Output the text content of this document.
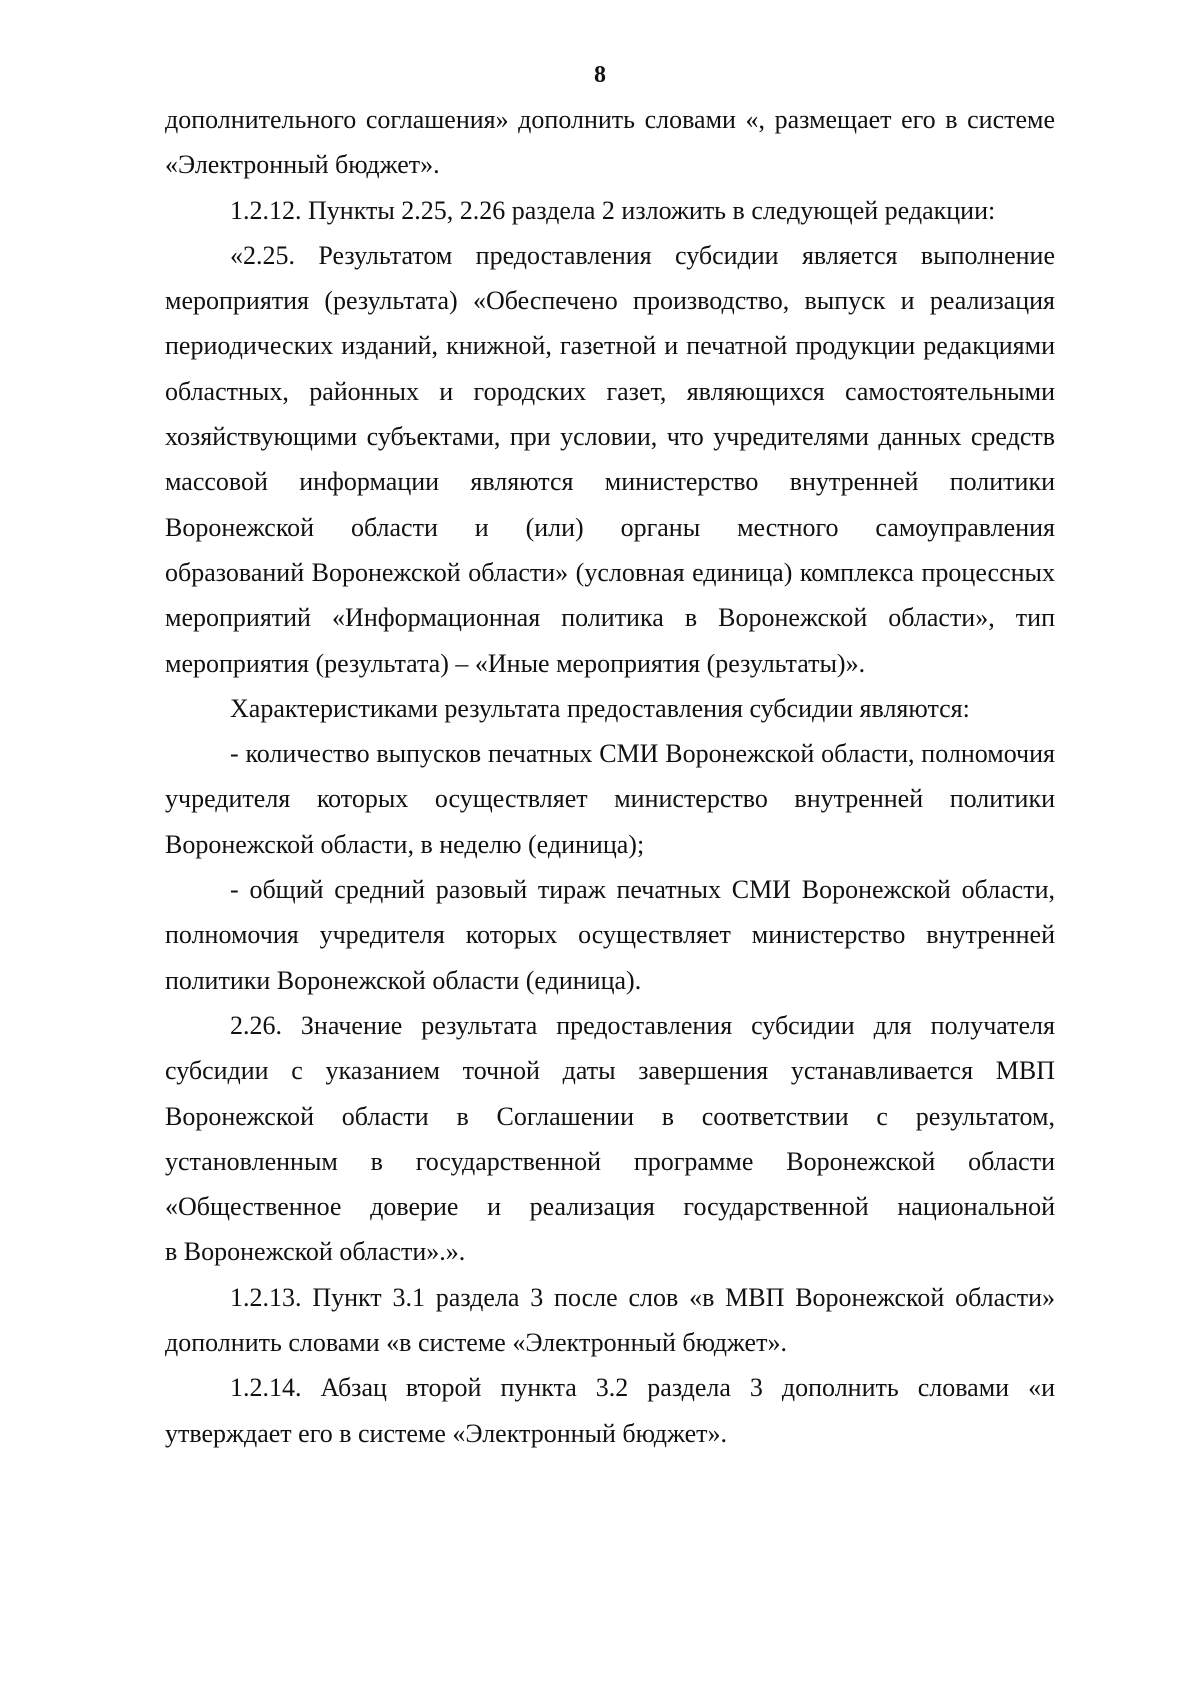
8
дополнительного соглашения» дополнить словами «, размещает его в системе
«Электронный бюджет».
1.2.12. Пункты 2.25, 2.26 раздела 2 изложить в следующей редакции:
«2.25. Результатом предоставления субсидии является выполнение
мероприятия (результата) «Обеспечено производство, выпуск и реализация
периодических изданий, книжной, газетной и печатной продукции редакциями
областных, районных и городских газет, являющихся самостоятельными
хозяйствующими субъектами, при условии, что учредителями данных средств
массовой информации являются министерство внутренней политики
Воронежской области и (или) органы местного самоуправления
образований Воронежской области» (условная единица) комплекса процессных
мероприятий «Информационная политика в Воронежской области», тип
мероприятия (результата) – «Иные мероприятия (результаты)».
Характеристиками результата предоставления субсидии являются:
- количество выпусков печатных СМИ Воронежской области, полномочия
учредителя которых осуществляет министерство внутренней политики
Воронежской области, в неделю (единица);
- общий средний разовый тираж печатных СМИ Воронежской области,
полномочия учредителя которых осуществляет министерство внутренней
политики Воронежской области (единица).
2.26. Значение результата предоставления субсидии для получателя
субсидии с указанием точной даты завершения устанавливается МВП
Воронежской области в Соглашении в соответствии с результатом,
установленным в государственной программе Воронежской области
«Общественное доверие и реализация государственной национальной
в Воронежской области».».
1.2.13. Пункт 3.1 раздела 3 после слов «в МВП Воронежской области»
дополнить словами «в системе «Электронный бюджет».
1.2.14. Абзац второй пункта 3.2 раздела 3 дополнить словами «и
утверждает его в системе «Электронный бюджет».
